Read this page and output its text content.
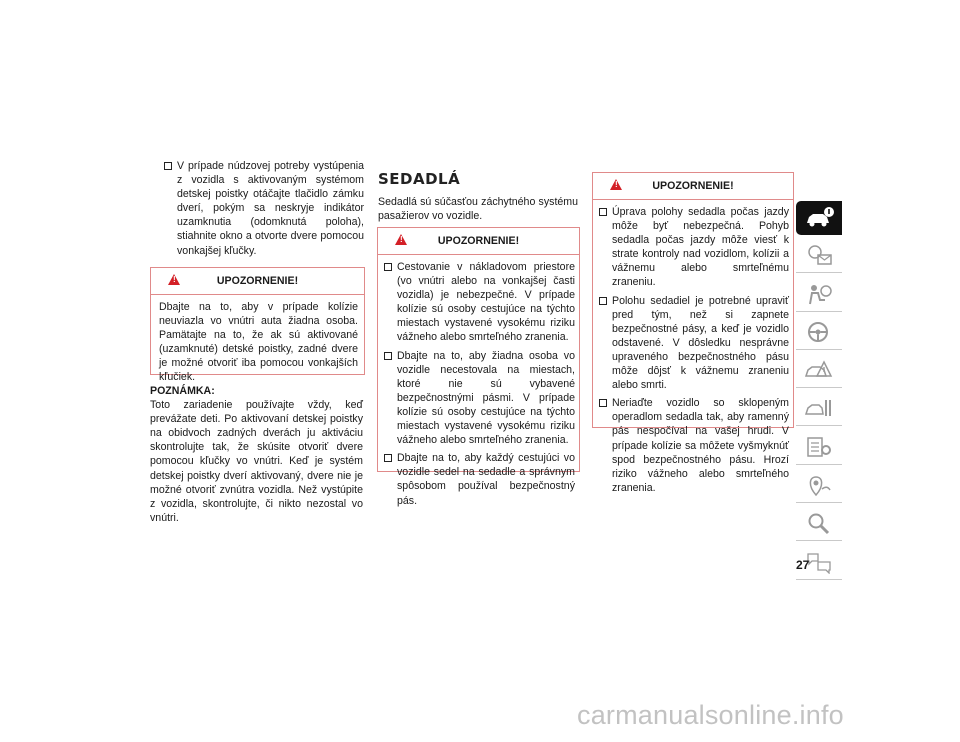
V prípade núdzovej potreby vystúpenia z vozidla s aktivovaným systémom detskej poistky otáčajte tlačidlo zámku dverí, pokým sa neskryje indikátor uzamknutia (odomknutá poloha), stiahnite okno a otvorte dvere pomocou vonkajšej kľučky.
!	UPOZORNENIE!
Dbajte na to, aby v prípade kolízie neuviazla vo vnútri auta žiadna osoba. Pamätajte na to, že ak sú aktivované (uzamknuté) detské poistky, zadné dvere je možné otvoriť iba pomocou vonkajších kľučiek.
POZNÁMKA:
Toto zariadenie používajte vždy, keď prevážate deti. Po aktivovaní detskej poistky na obidvoch zadných dverách ju aktiváciu skontrolujte tak, že skúsite otvoriť dvere pomocou kľučky vo vnútri. Keď je systém detskej poistky dverí aktivovaný, dvere nie je možné otvoriť zvnútra vozidla. Než vystúpite z vozidla, skontrolujte, či nikto nezostal vo vnútri.
SEDADLÁ
Sedadlá sú súčasťou záchytného systému pasažierov vo vozidle.
!	UPOZORNENIE!
Cestovanie v nákladovom priestore (vo vnútri alebo na vonkajšej časti vozidla) je nebezpečné. V prípade kolízie sú osoby cestujúce na týchto miestach vystavené vysokému riziku vážneho alebo smrteľného zranenia.
Dbajte na to, aby žiadna osoba vo vozidle necestovala na miestach, ktoré nie sú vybavené bezpečnostnými pásmi. V prípade kolízie sú osoby cestujúce na týchto miestach vystavené vysokému riziku vážneho alebo smrteľného zranenia.
Dbajte na to, aby každý cestujúci vo vozidle sedel na sedadle a správnym spôsobom používal bezpečnostný pás.
!	UPOZORNENIE!
Úprava polohy sedadla počas jazdy môže byť nebezpečná. Pohyb sedadla počas jazdy môže viesť k strate kontroly nad vozidlom, kolízii a vážnemu alebo smrteľnému zraneniu.
Polohu sedadiel je potrebné upraviť pred tým, než si zapnete bezpečnostné pásy, a keď je vozidlo odstavené. V dôsledku nesprávne upraveného bezpečnostného pásu môže dôjsť k vážnemu zraneniu alebo smrti.
Neriaďte vozidlo so sklopeným operadlom sedadla tak, aby ramenný pás nespočíval na vašej hrudi. V prípade kolízie sa môžete vyšmyknúť spod bezpečnostného pásu. Hrozí riziko vážneho alebo smrteľného zranenia.
27
carmanualsonline.info
